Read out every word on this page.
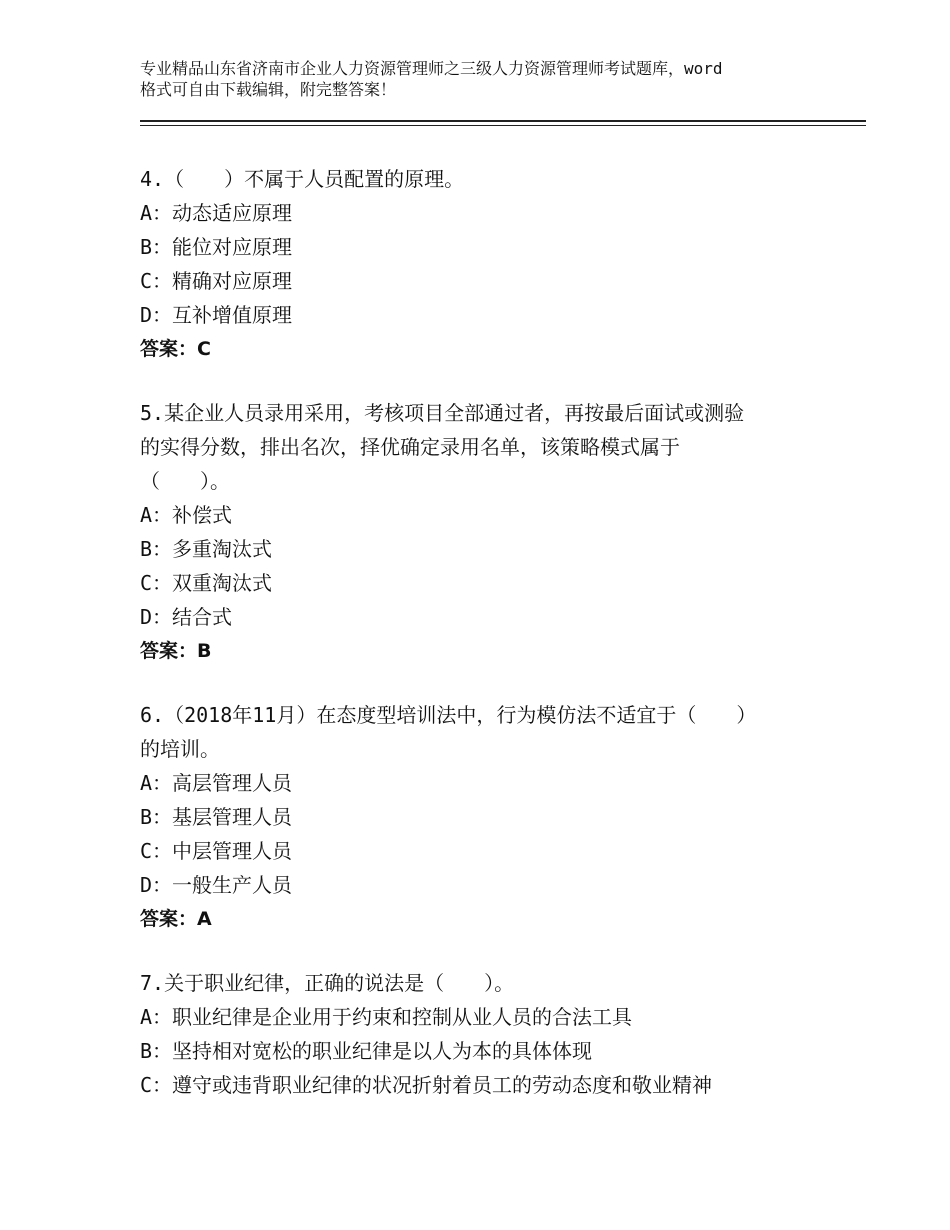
专业精品山东省济南市企业人力资源管理师之三级人力资源管理师考试题库，word
格式可自由下载编辑，附完整答案！
4.（　　）不属于人员配置的原理。
A：动态适应原理
B：能位对应原理
C：精确对应原理
D：互补增值原理
答案：C
5.某企业人员录用采用，考核项目全部通过者，再按最后面试或测验
的实得分数，排出名次，择优确定录用名单，该策略模式属于
（　　）。
A：补偿式
B：多重淘汰式
C：双重淘汰式
D：结合式
答案：B
6.（2018年11月）在态度型培训法中，行为模仿法不适宜于（　　）
的培训。
A：高层管理人员
B：基层管理人员
C：中层管理人员
D：一般生产人员
答案：A
7.关于职业纪律，正确的说法是（　　）。
A：职业纪律是企业用于约束和控制从业人员的合法工具
B：坚持相对宽松的职业纪律是以人为本的具体体现
C：遵守或违背职业纪律的状况折射着员工的劳动态度和敬业精神
